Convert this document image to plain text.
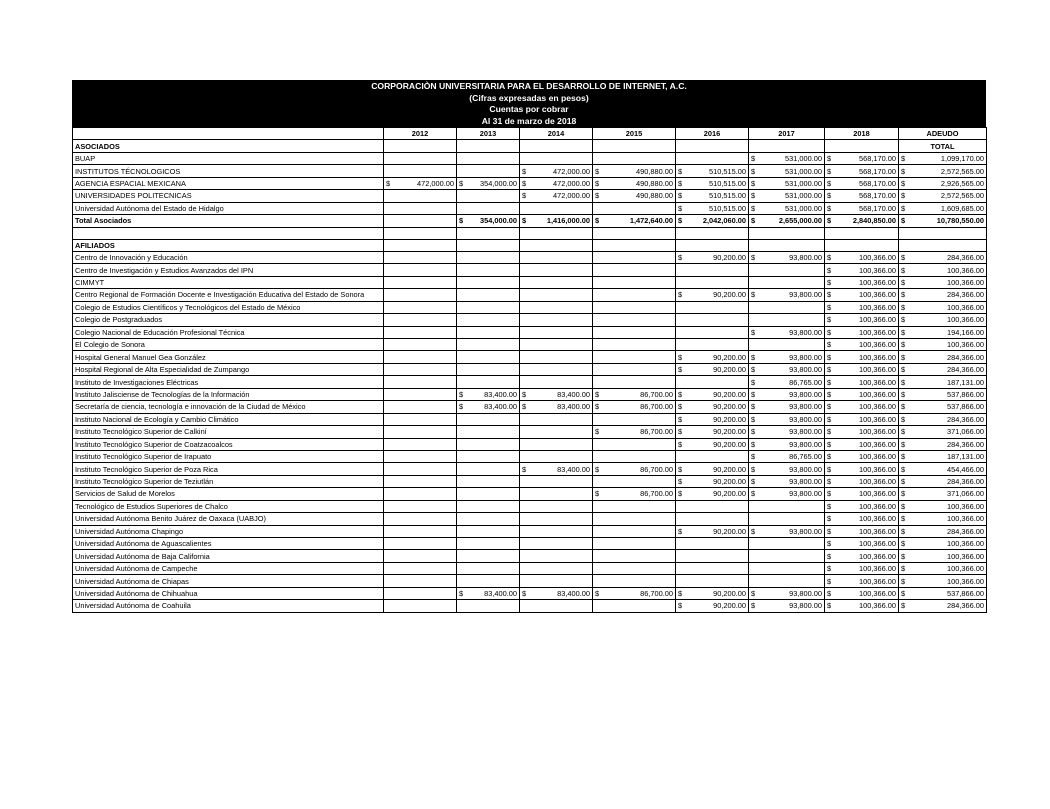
CORPORACIÒN UNIVERSITARIA PARA EL DESARROLLO DE INTERNET, A.C.
(Cifras expresadas en pesos)
Cuentas por cobrar
Al 31 de marzo de 2018
	2012	2013	2014	2015	2016	2017	2018	ADEUDO
ASOCIADOS								TOTAL
BUAP						$ 531,000.00	$ 568,170.00	$ 1,099,170.00

INSTITUTOS TÉCNOLOGICOS			$ 472,000.00	$ 490,880.00	$ 510,515.00	$ 531,000.00	$ 568,170.00	$ 2,572,565.00

AGENCIA ESPACIAL MEXICANA	$ 472,000.00	$ 354,000.00	$ 472,000.00	$ 490,880.00	$ 510,515.00	$ 531,000.00	$ 568,170.00	$ 2,926,565.00

UNIVERSIDADES POLITECNICAS			$ 472,000.00	$ 490,880.00	$ 510,515.00	$ 531,000.00	$ 568,170.00	$ 2,572,565.00

Universidad Autónoma del Estado de Hidalgo					$ 510,515.00	$ 531,000.00	$ 568,170.00	$ 1,609,685.00

Total Asociados		$ 354,000.00	$ 1,416,000.00	$ 1,472,640.00	$ 2,042,060.00	$ 2,655,000.00	$ 2,840,850.00	$ 10,780,550.00

AFILIADOS								
Centro de Innovación y Educación					$ 90,200.00	$ 93,800.00	$ 100,366.00	$ 284,366.00

Centro de Investigación y Estudios Avanzados del IPN							$ 100,366.00	$ 100,366.00

CIMMYT							$ 100,366.00	$ 100,366.00

Centro Regional de Formación Docente e Investigación Educativa del Estado de Sonora					$ 90,200.00	$ 93,800.00	$ 100,366.00	$ 284,366.00

Colegio de Estudios Científicos y Tecnológicos del Estado de México							$ 100,366.00	$ 100,366.00

Colegio de Postgraduados							$ 100,366.00	$ 100,366.00

Colegio Nacional de Educación Profesional Técnica						$ 93,800.00	$ 100,366.00	$ 194,166.00

El Colegio de Sonora							$ 100,366.00	$ 100,366.00

Hospital General Manuel Gea González					$ 90,200.00	$ 93,800.00	$ 100,366.00	$ 284,366.00

Hospital Regional de Alta Especialidad de Zumpango					$ 90,200.00	$ 93,800.00	$ 100,366.00	$ 284,366.00

Instituto de Investigaciones Eléctricas						$ 86,765.00	$ 100,366.00	$ 187,131.00

Instituto Jalisciense de Tecnologías de la Información		$ 83,400.00	$ 83,400.00	$ 86,700.00	$ 90,200.00	$ 93,800.00	$ 100,366.00	$ 537,866.00

Secretaría de ciencia, tecnología e innovación de la Ciudad de México		$ 83,400.00	$ 83,400.00	$ 86,700.00	$ 90,200.00	$ 93,800.00	$ 100,366.00	$ 537,866.00

Instituto Nacional de Ecología y Cambio Climático					$ 90,200.00	$ 93,800.00	$ 100,366.00	$ 284,366.00

Instituto Tecnológico Superior de Calkiní				$ 86,700.00	$ 90,200.00	$ 93,800.00	$ 100,366.00	$ 371,066.00

Instituto Tecnológico Superior de Coatzacoalcos					$ 90,200.00	$ 93,800.00	$ 100,366.00	$ 284,366.00

Instituto Tecnológico Superior de Irapuato						$ 86,765.00	$ 100,366.00	$ 187,131.00

Instituto Tecnológico Superior de Poza Rica			$ 83,400.00	$ 86,700.00	$ 90,200.00	$ 93,800.00	$ 100,366.00	$ 454,466.00

Instituto Tecnológico Superior de Teziutlán					$ 90,200.00	$ 93,800.00	$ 100,366.00	$ 284,366.00

Servicios de Salud de Morelos				$ 86,700.00	$ 90,200.00	$ 93,800.00	$ 100,366.00	$ 371,066.00

Tecnológico de Estudios Superiores de Chalco							$ 100,366.00	$ 100,366.00

Universidad Autónoma Benito Juárez de Oaxaca (UABJO)							$ 100,366.00	$ 100,366.00

Universidad Autónoma Chapingo					$ 90,200.00	$ 93,800.00	$ 100,366.00	$ 284,366.00

Universidad Autónoma de Aguascalientes							$ 100,366.00	$ 100,366.00

Universidad Autónoma de Baja California							$ 100,366.00	$ 100,366.00

Universidad Autónoma de Campeche							$ 100,366.00	$ 100,366.00

Universidad Autónoma de Chiapas							$ 100,366.00	$ 100,366.00

Universidad Autónoma de Chihuahua		$ 83,400.00	$ 83,400.00	$ 86,700.00	$ 90,200.00	$ 93,800.00	$ 100,366.00	$ 537,866.00

Universidad Autónoma de Coahuila					$ 90,200.00	$ 93,800.00	$ 100,366.00	$ 284,366.00
